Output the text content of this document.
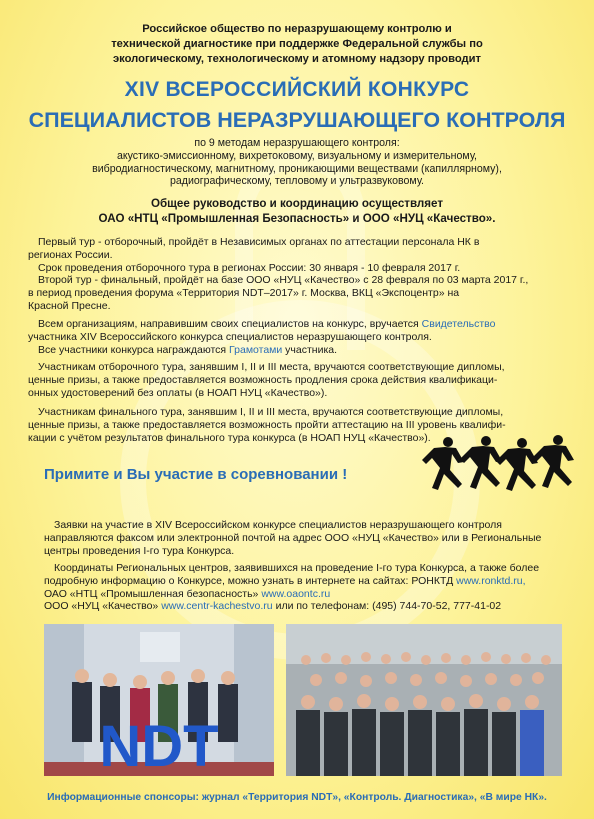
Российское общество по неразрушающему контролю и
технической диагностике при поддержке Федеральной службы по
экологическому, технологическому и атомному надзору проводит
XIV ВСЕРОССИЙСКИЙ КОНКУРС
СПЕЦИАЛИСТОВ НЕРАЗРУШАЮЩЕГО КОНТРОЛЯ
по 9 методам неразрушающего контроля:
акустико-эмиссионному, вихретоковому, визуальному и измерительному,
вибродиагностическому, магнитному, проникающими веществами (капиллярному),
радиографическому, тепловому и ультразвуковому.
Общее руководство и координацию осуществляет
ОАО «НТЦ «Промышленная Безопасность» и ООО «НУЦ «Качество».
Первый тур - отборочный, пройдёт в Независимых органах по аттестации персонала НК в
регионах России.
Срок проведения отборочного тура в регионах России: 30 января - 10 февраля 2017 г.
Второй тур - финальный, пройдёт на базе ООО «НУЦ «Качество» с 28 февраля по 03 марта 2017 г.,
в период проведения форума «Территория NDT–2017» г. Москва, ВКЦ «Экспоцентр» на
Красной Пресне.
Всем организациям, направившим своих специалистов на конкурс, вручается Свидетельство
участника XIV Всероссийского конкурса специалистов неразрушающего контроля.
Все участники конкурса награждаются Грамотами участника.
Участникам отборочного тура, занявшим I, II и III места, вручаются соответствующие дипломы,
ценные призы, а также предоставляется возможность продления срока действия квалификаци-
онных удостоверений без оплаты (в НОАП НУЦ «Качество»).
Участникам финального тура, занявшим I, II и III места, вручаются соответствующие дипломы,
ценные призы, а также предоставляется возможность пройти аттестацию на III уровень квалифи-
кации с учётом результатов финального тура конкурса (в НОАП НУЦ «Качество»).
Примите и Вы участие в соревновании !
Заявки на участие в XIV Всероссийском конкурсе специалистов неразрушающего контроля
направляются факсом или электронной почтой на адрес ООО «НУЦ «Качество» или в Региональные
центры проведения I-го тура Конкурса.
Координаты Региональных центров, заявившихся на проведение I-го тура Конкурса, а также более
подробную информацию о Конкурсе, можно узнать в интернете на сайтах: РОНКТД www.ronktd.ru,
ОАО «НТЦ «Промышленная безопасность» www.oaontc.ru
ООО «НУЦ «Качество» www.centr-kachestvo.ru или по телефонам: (495) 744-70-52, 777-41-02
NDT
Информационные спонсоры: журнал «Территория NDT», «Контроль. Диагностика», «В мире НК».
